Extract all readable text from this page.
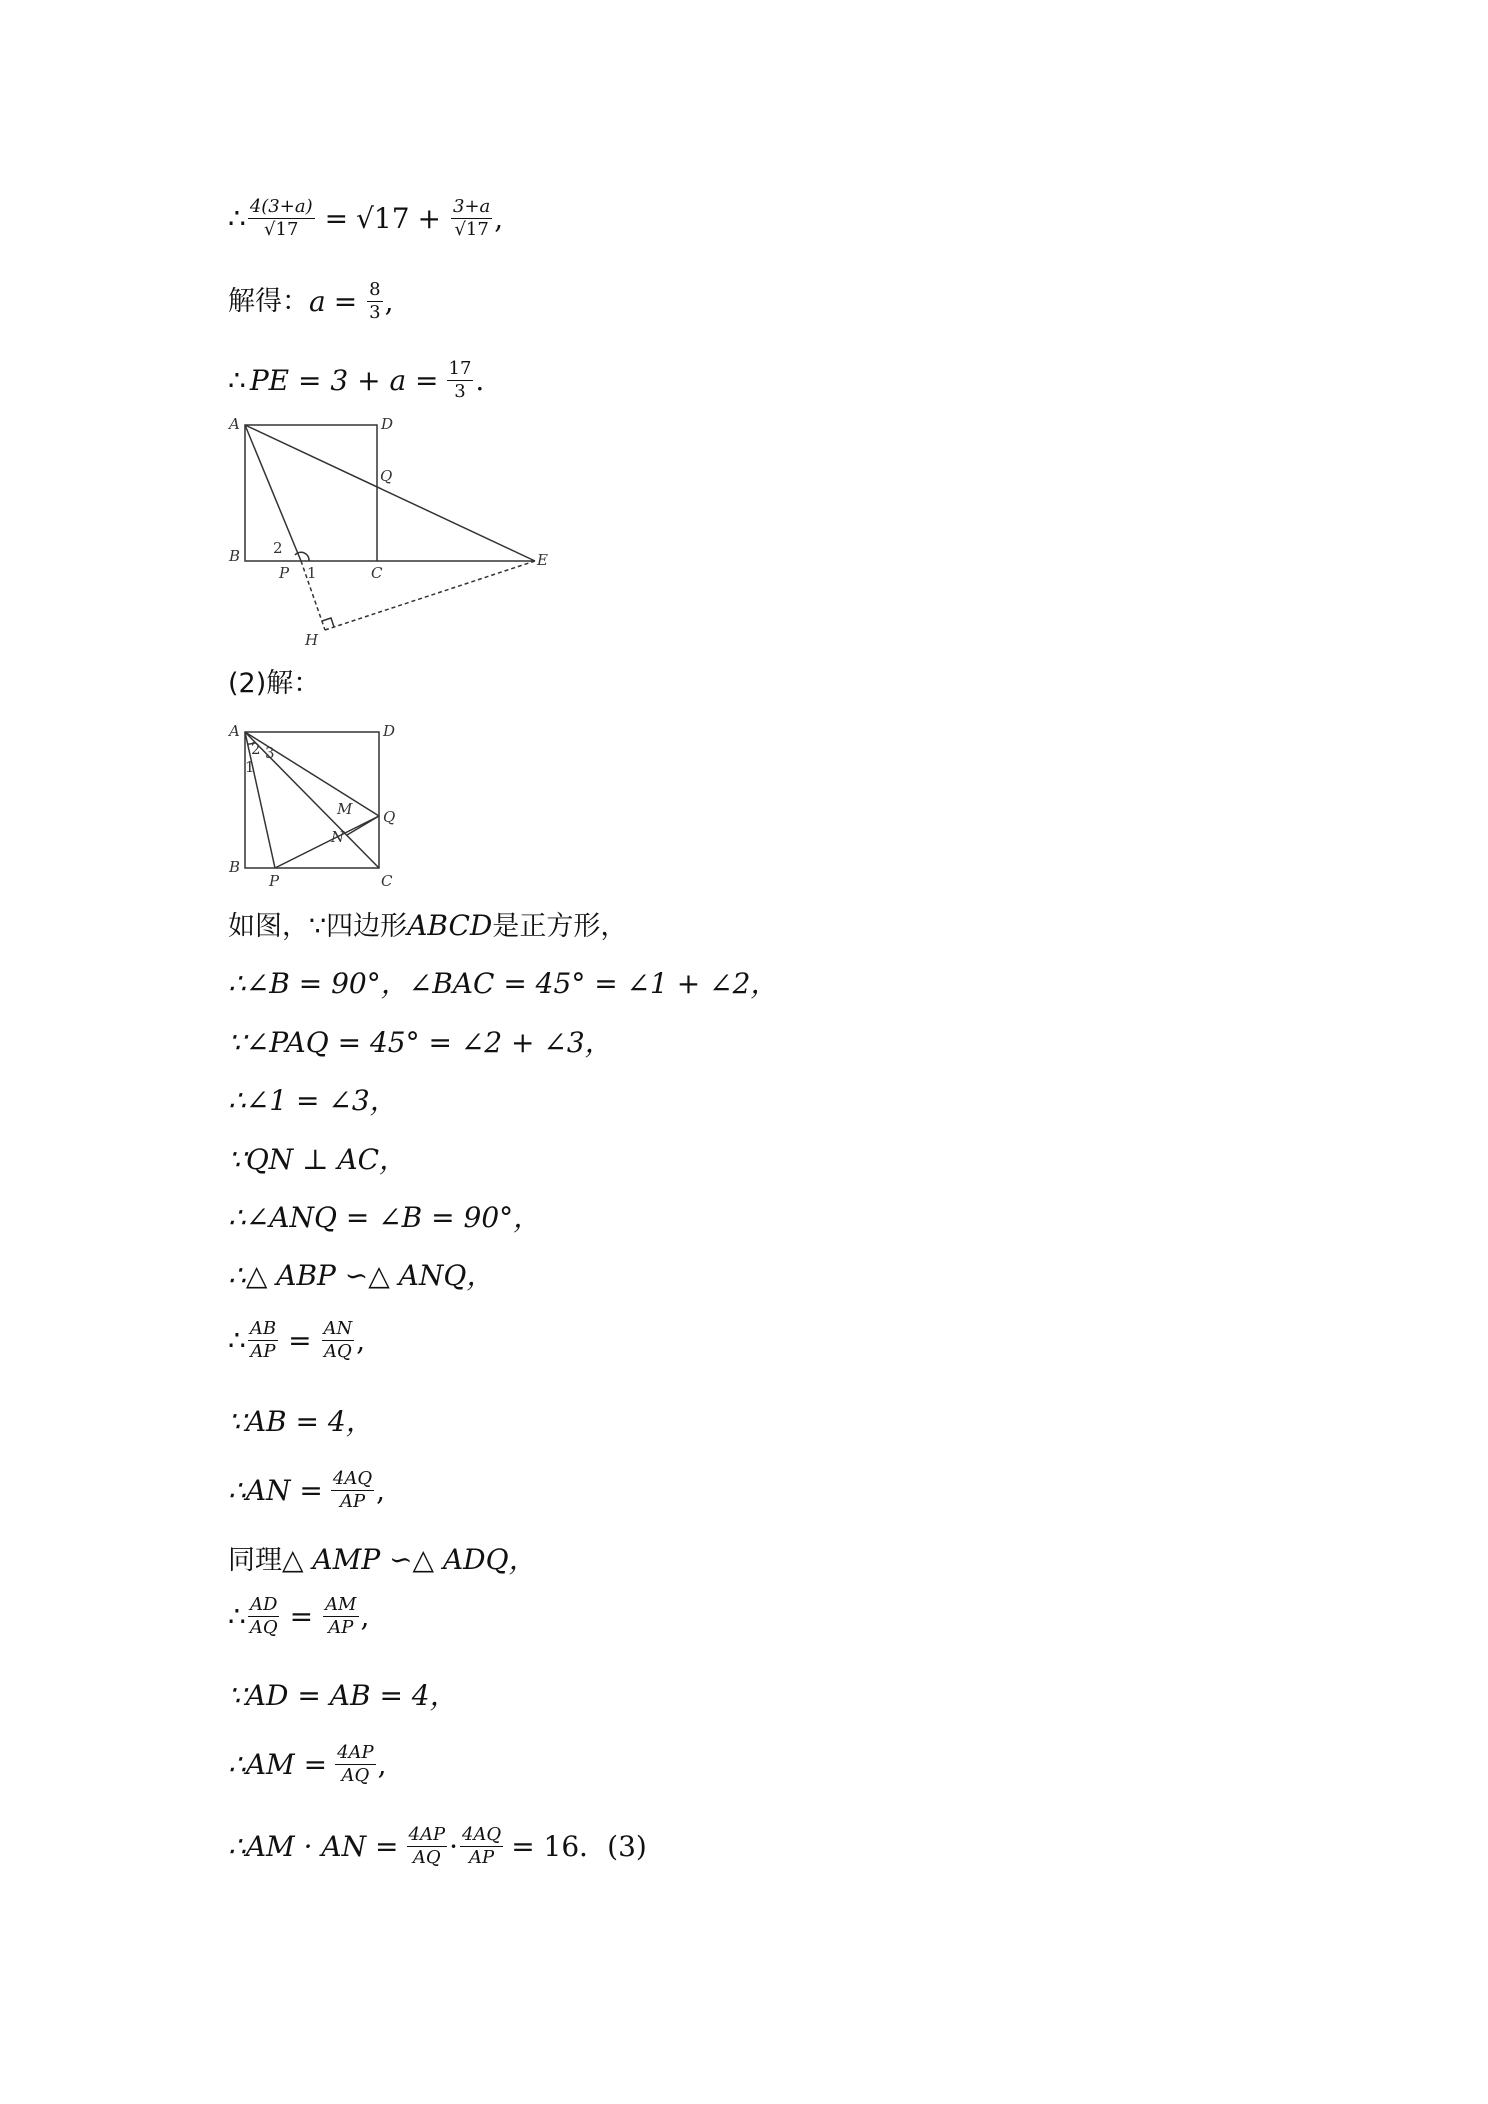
∴ $\frac{4(3+a)}{√17} = √17 + \frac{3+a}{√17}$ ,
解得： $a = \frac{8}{3}$ ,
∴ PE = $3 + a = \frac{17}{3}$ .
A	D
Q
B 2
P 1	C
E
H
(2)解：
A	D
2 3
1
M Q
N
B
P	C
如图，∵四边形 ABCD 是正方形，
∴∠B = 90°，∠BAC = 45° = ∠1 + ∠2，
∵∠PAQ = 45° = ∠2 + ∠3，
∴∠1 = ∠3，
∵QN ⊥ AC，
∴∠ANQ = ∠B = 90°，
∴△ ABP ∽△ ANQ，
∴ $\frac{AB}{AP} = \frac{AN}{AQ}$ ,
∵AB = 4，
∴AN = $\frac{4AQ}{AP}$ ,
同理 △ AMP ∽△ ADQ，
∴ $\frac{AD}{AQ} = \frac{AM}{AP}$ ,
∵AD = AB = 4，
∴AM = $\frac{4AP}{AQ}$ ,
∴AM · AN = $\frac{4AP}{AQ} \cdot \frac{4AQ}{AP} = 16$．(3)
